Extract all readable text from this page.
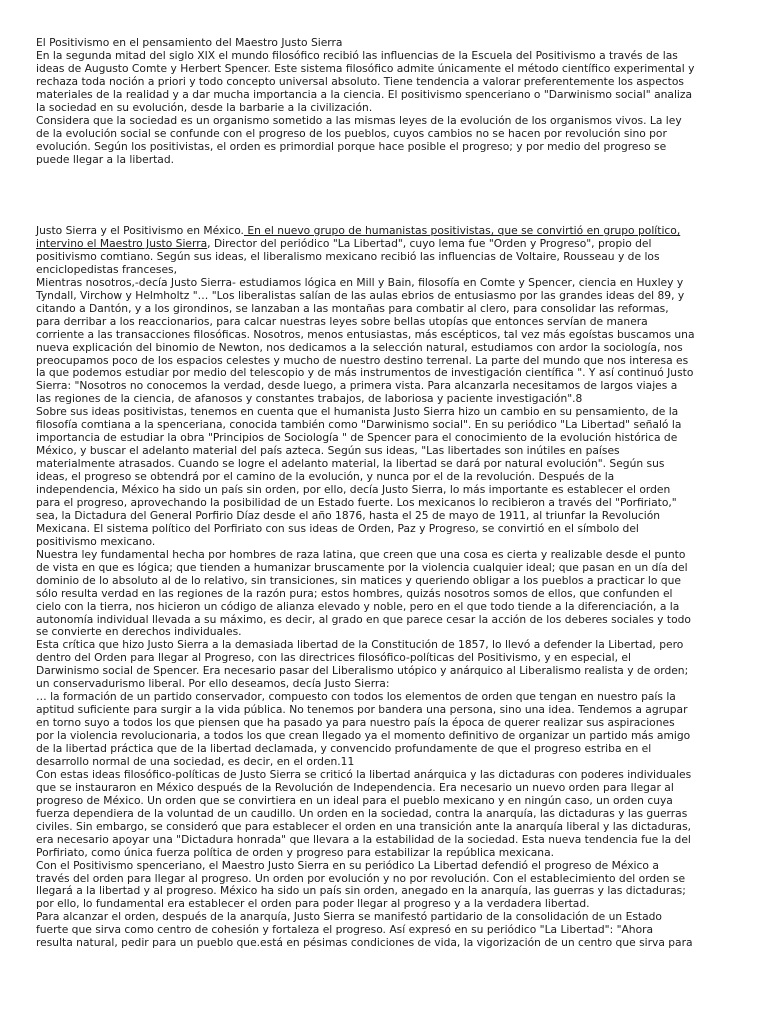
El Positivismo en el pensamiento del Maestro Justo Sierra
En la segunda mitad del siglo XIX el mundo filosófico recibió las influencias de la Escuela del Positivismo a través de las
ideas de Augusto Comte y Herbert Spencer. Este sistema filosófico admite únicamente el método científico experimental y
rechaza toda noción a priori y todo concepto universal absoluto. Tiene tendencia a valorar preferentemente los aspectos
materiales de la realidad y a dar mucha importancia a la ciencia. El positivismo spenceriano o "Darwinismo social" analiza
la sociedad en su evolución, desde la barbarie a la civilización.
Considera que la sociedad es un organismo sometido a las mismas leyes de la evolución de los organismos vivos. La ley
de la evolución social se confunde con el progreso de los pueblos, cuyos cambios no se hacen por revolución sino por
evolución. Según los positivistas, el orden es primordial porque hace posible el progreso; y por medio del progreso se
puede llegar a la libertad.
Justo Sierra y el Positivismo en México. En el nuevo grupo de humanistas positivistas, que se convirtió en grupo político,
intervino el Maestro Justo Sierra, Director del periódico "La Libertad", cuyo lema fue "Orden y Progreso", propio del
positivismo comtiano. Según sus ideas, el liberalismo mexicano recibió las influencias de Voltaire, Rousseau y de los
enciclopedistas franceses,
Mientras nosotros,-decía Justo Sierra- estudiamos lógica en Mill y Bain, filosofía en Comte y Spencer, ciencia en Huxley y
Tyndall, Virchow y Helmholtz "… "Los liberalistas salían de las aulas ebrios de entusiasmo por las grandes ideas del 89, y
citando a Dantón, y a los girondinos, se lanzaban a las montañas para combatir al clero, para consolidar las reformas,
para derribar a los reaccionarios, para calcar nuestras leyes sobre bellas utopías que entonces servían de manera
corriente a las transacciones filosóficas. Nosotros, menos entusiastas, más escépticos, tal vez más egoístas buscamos una
nueva explicación del binomio de Newton, nos dedicamos a la selección natural, estudiamos con ardor la sociología, nos
preocupamos poco de los espacios celestes y mucho de nuestro destino terrenal. La parte del mundo que nos interesa es
la que podemos estudiar por medio del telescopio y de más instrumentos de investigación científica ". Y así continuó Justo
Sierra: "Nosotros no conocemos la verdad, desde luego, a primera vista. Para alcanzarla necesitamos de largos viajes a
las regiones de la ciencia, de afanosos y constantes trabajos, de laboriosa y paciente investigación".8
Sobre sus ideas positivistas, tenemos en cuenta que el humanista Justo Sierra hizo un cambio en su pensamiento, de la
filosofía comtiana a la spenceriana, conocida también como "Darwinismo social". En su periódico "La Libertad" señaló la
importancia de estudiar la obra "Principios de Sociología " de Spencer para el conocimiento de la evolución histórica de
México, y buscar el adelanto material del país azteca. Según sus ideas, "Las libertades son inútiles en países
materialmente atrasados. Cuando se logre el adelanto material, la libertad se dará por natural evolución". Según sus
ideas, el progreso se obtendrá por el camino de la evolución, y nunca por el de la revolución. Después de la
independencia, México ha sido un país sin orden, por ello, decía Justo Sierra, lo más importante es establecer el orden
para el progreso, aprovechando la posibilidad de un Estado fuerte. Los mexicanos lo recibieron a través del "Porfiriato,"
sea, la Dictadura del General Porfirio Díaz desde el año 1876, hasta el 25 de mayo de 1911, al triunfar la Revolución
Mexicana. El sistema político del Porfiriato con sus ideas de Orden, Paz y Progreso, se convirtió en el símbolo del
positivismo mexicano.
Nuestra ley fundamental hecha por hombres de raza latina, que creen que una cosa es cierta y realizable desde el punto
de vista en que es lógica; que tienden a humanizar bruscamente por la violencia cualquier ideal; que pasan en un día del
dominio de lo absoluto al de lo relativo, sin transiciones, sin matices y queriendo obligar a los pueblos a practicar lo que
sólo resulta verdad en las regiones de la razón pura; estos hombres, quizás nosotros somos de ellos, que confunden el
cielo con la tierra, nos hicieron un código de alianza elevado y noble, pero en el que todo tiende a la diferenciación, a la
autonomía individual llevada a su máximo, es decir, al grado en que parece cesar la acción de los deberes sociales y todo
se convierte en derechos individuales.
Esta crítica que hizo Justo Sierra a la demasiada libertad de la Constitución de 1857, lo llevó a defender la Libertad, pero
dentro del Orden para llegar al Progreso, con las directrices filosófico-políticas del Positivismo, y en especial, el
Darwinismo social de Spencer. Era necesario pasar del Liberalismo utópico y anárquico al Liberalismo realista y de orden;
un conservadurismo liberal. Por ello deseamos, decía Justo Sierra:
… la formación de un partido conservador, compuesto con todos los elementos de orden que tengan en nuestro país la
aptitud suficiente para surgir a la vida pública. No tenemos por bandera una persona, sino una idea. Tendemos a agrupar
en torno suyo a todos los que piensen que ha pasado ya para nuestro país la época de querer realizar sus aspiraciones
por la violencia revolucionaria, a todos los que crean llegado ya el momento definitivo de organizar un partido más amigo
de la libertad práctica que de la libertad declamada, y convencido profundamente de que el progreso estriba en el
desarrollo normal de una sociedad, es decir, en el orden.11
Con estas ideas filosófico-políticas de Justo Sierra se criticó la libertad anárquica y las dictaduras con poderes individuales
que se instauraron en México después de la Revolución de Independencia. Era necesario un nuevo orden para llegar al
progreso de México. Un orden que se convirtiera en un ideal para el pueblo mexicano y en ningún caso, un orden cuya
fuerza dependiera de la voluntad de un caudillo. Un orden en la sociedad, contra la anarquía, las dictaduras y las guerras
civiles. Sin embargo, se consideró que para establecer el orden en una transición ante la anarquía liberal y las dictaduras,
era necesario apoyar una "Dictadura honrada" que llevara a la estabilidad de la sociedad. Esta nueva tendencia fue la del
Porfiriato, como única fuerza política de orden y progreso para estabilizar la república mexicana.
Con el Positivismo spenceriano, el Maestro Justo Sierra en su periódico La Libertad defendió el progreso de México a
través del orden para llegar al progreso. Un orden por evolución y no por revolución. Con el establecimiento del orden se
llegará a la libertad y al progreso. México ha sido un país sin orden, anegado en la anarquía, las guerras y las dictaduras;
por ello, lo fundamental era establecer el orden para poder llegar al progreso y a la verdadera libertad.
Para alcanzar el orden, después de la anarquía, Justo Sierra se manifestó partidario de la consolidación de un Estado
fuerte que sirva como centro de cohesión y fortaleza el progreso. Así expresó en su periódico "La Libertad": "Ahora
resulta natural, pedir para un pueblo que.está en pésimas condiciones de vida, la vigorización de un centro que sirva para
